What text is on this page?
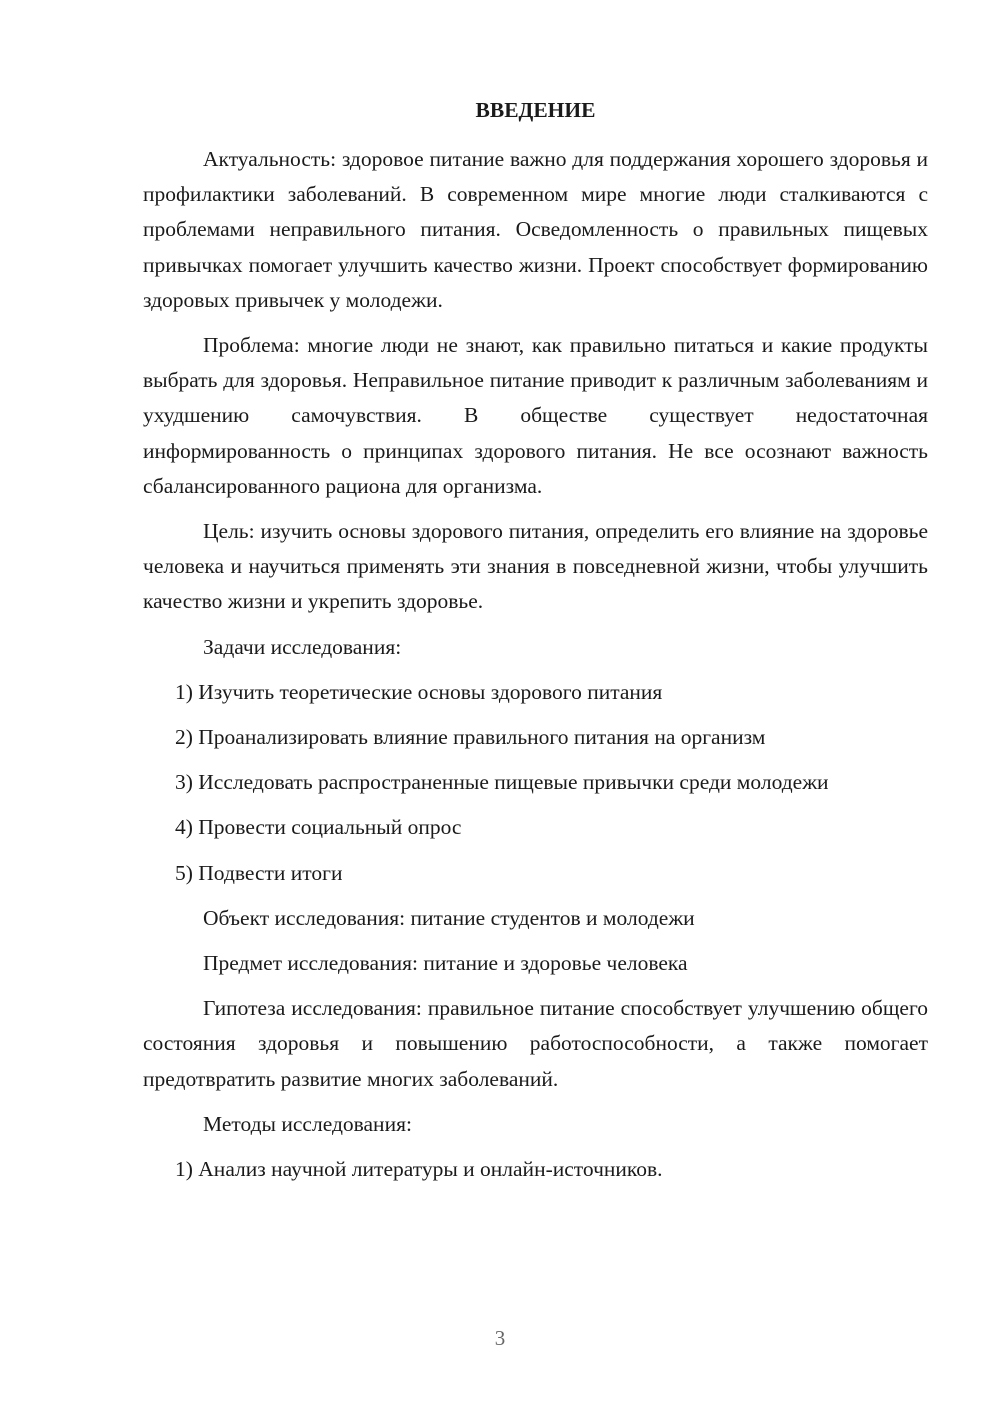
ВВЕДЕНИЕ
Актуальность: здоровое питание важно для поддержания хорошего здоровья и профилактики заболеваний. В современном мире многие люди сталкиваются с проблемами неправильного питания. Осведомленность о правильных пищевых привычках помогает улучшить качество жизни. Проект способствует формированию здоровых привычек у молодежи.
Проблема: многие люди не знают, как правильно питаться и какие продукты выбрать для здоровья. Неправильное питание приводит к различным заболеваниям и ухудшению самочувствия. В обществе существует недостаточная информированность о принципах здорового питания. Не все осознают важность сбалансированного рациона для организма.
Цель: изучить основы здорового питания, определить его влияние на здоровье человека и научиться применять эти знания в повседневной жизни, чтобы улучшить качество жизни и укрепить здоровье.
Задачи исследования:
1) Изучить теоретические основы здорового питания
2) Проанализировать влияние правильного питания на организм
3) Исследовать распространенные пищевые привычки среди молодежи
4) Провести социальный опрос
5) Подвести итоги
Объект исследования: питание студентов и молодежи
Предмет исследования: питание и здоровье человека
Гипотеза исследования: правильное питание способствует улучшению общего состояния здоровья и повышению работоспособности, а также помогает предотвратить развитие многих заболеваний.
Методы исследования:
1) Анализ научной литературы и онлайн-источников.
3
